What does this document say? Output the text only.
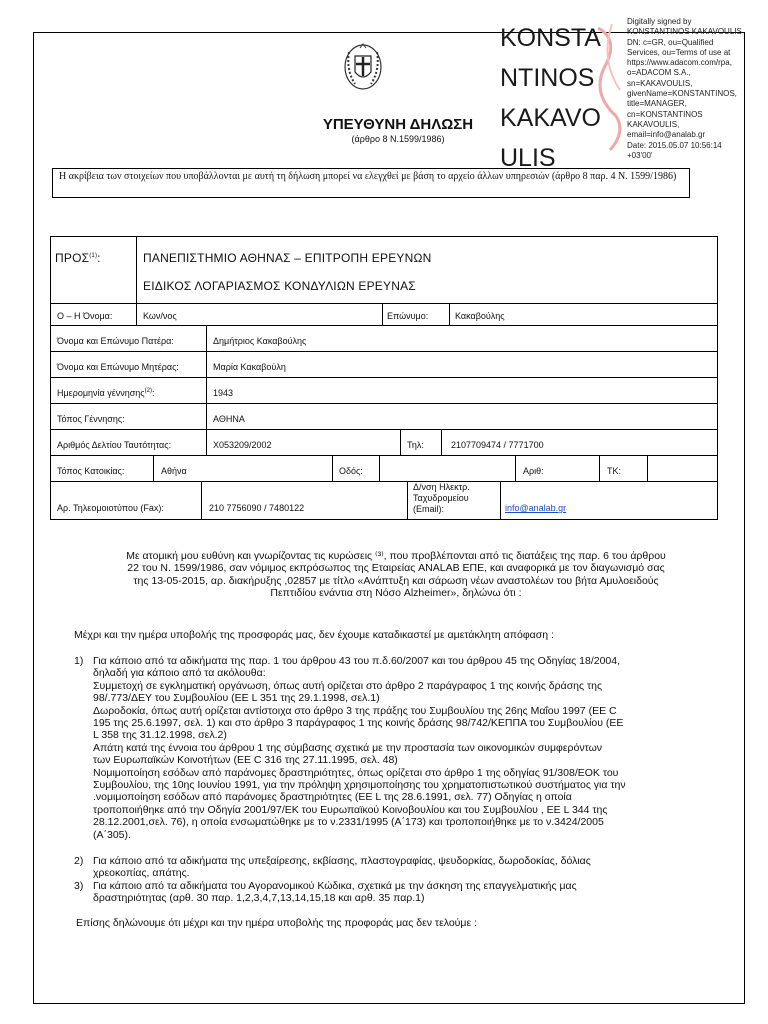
ΥΠΕΥΘΥΝΗ ΔΗΛΩΣΗ
(άρθρο 8 Ν.1599/1986)
Η ακρίβεια των στοιχείων που υποβάλλονται με αυτή τη δήλωση μπορεί να ελεγχθεί με βάση το αρχείο άλλων υπηρεσιών (άρθρο 8 παρ. 4 Ν. 1599/1986)
KONSTA
NTINOS
KAKAVO
ULIS
Digitally signed by
KONSTANTINOS KAKAVOULIS
DN: c=GR, ou=Qualified
Services, ou=Terms of use at
https://www.adacom.com/rpa,
o=ADACOM S.A.,
sn=KAKAVOULIS,
givenName=KONSTANTINOS,
title=MANAGER,
cn=KONSTANTINOS
KAKAVOULIS,
email=info@analab.gr
Date: 2015.05.07 10:56:14
+03'00'
ΠΡΟΣ$^{(1)}$:	ΠΑΝΕΠΙΣΤΗΜΙΟ ΑΘΗΝΑΣ – ΕΠΙΤΡΟΠΗ ΕΡΕΥΝΩΝ
ΕΙΔΙΚΟΣ ΛΟΓΑΡΙΑΣΜΟΣ ΚΟΝΔΥΛΙΩΝ ΕΡΕΥΝΑΣ
Ο – Η Όνομα:	Κων/νος	Επώνυμο:	Κακαβούλης
Όνομα και Επώνυμο Πατέρα:	Δημήτριος Κακαβούλης
Όνομα και Επώνυμο Μητέρας:	Μαρία Κακαβούλη
Ημερομηνία γέννησης$^{(2)}$:	1943
Τόπος Γέννησης:	ΑΘΗΝΑ
Αριθμός Δελτίου Ταυτότητας:	Χ053209/2002	Τηλ:	2107709474 / 7771700
Τόπος Κατοικίας:	Αθήνα	Οδός:	Αριθ:	ΤΚ:
Αρ. Τηλεομοιοτύπου (Fax):	210 7756090 / 7480122
Δ/νση Ηλεκτρ.
Ταχυδρομείου
(Email):	info@analab.gr
Με ατομική μου ευθύνη και γνωρίζοντας τις κυρώσεις ⁽³⁾, που προβλέπονται από τις διατάξεις της παρ. 6 του άρθρου
22 του Ν. 1599/1986, σαν νόμιμος εκπρόσωπος της Εταιρείας ANALAB ΕΠΕ, και αναφορικά με τον διαγωνισμό σας
της 13-05-2015, αρ. διακήρυξης ,02857 με τίτλο «Ανάπτυξη και σάρωση νέων αναστολέων του βήτα Αμυλοειδούς
Πεπτιδίου ενάντια στη Νόσο Alzheimer», δηλώνω ότι :
Μέχρι και την ημέρα υποβολής της προσφοράς μας, δεν έχουμε καταδικαστεί με αμετάκλητη απόφαση :
1) Για κάποιο από τα αδικήματα της παρ. 1 του άρθρου 43 του π.δ.60/2007 και του άρθρου 45 της Οδηγίας 18/2004,
δηλαδή για κάποιο από τα ακόλουθα:
Συμμετοχή σε εγκληματική οργάνωση, όπως αυτή ορίζεται στο άρθρο 2 παράγραφος 1 της κοινής δράσης της
98/.773/ΔΕΥ του Συμβουλίου (ΕΕ L 351 της 29.1.1998, σελ.1)
Δωροδοκία, όπως αυτή ορίζεται αντίστοιχα στο άρθρο 3 της πράξης του Συμβουλίου της 26ης Μαΐου 1997 (ΕΕ C
195 της 25.6.1997, σελ. 1) και στο άρθρο 3 παράγραφος 1 της κοινής δράσης 98/742/ΚΕΠΠΑ του Συμβουλίου (ΕΕ
L 358 της 31.12.1998, σελ.2)
Απάτη κατά της έννοια του άρθρου 1 της σύμβασης σχετικά με την προστασία των οικονομικών συμφερόντων
των Ευρωπαϊκών Κοινοτήτων (ΕΕ C 316 της 27.11.1995, σελ. 48)
Νομιμοποίηση εσόδων από παράνομες δραστηριότητες, όπως ορίζεται στο άρθρο 1 της οδηγίας 91/308/ΕΟΚ του
Συμβουλίου, της 10ης Ιουνίου 1991, για την πρόληψη χρησιμοποίησης του χρηματοπιστωτικού συστήματος για την
.νομιμοποίηση εσόδων από παράνομες δραστηριότητες (ΕΕ L της 28.6.1991, σελ. 77) Οδηγίας η οποία
τροποποιήθηκε από την Οδηγία 2001/97/ΕΚ του Ευρωπαϊκού Κοινοβουλίου και του Συμβουλίου , ΕΕ L 344 της
28.12.2001,σελ. 76), η οποία ενσωματώθηκε με το ν.2331/1995 (Α΄173) και τροποποιήθηκε με το ν.3424/2005
(Α΄305).
2) Για κάποιο από τα αδικήματα της υπεξαίρεσης, εκβίασης, πλαστογραφίας, ψευδορκίας, δωροδοκίας, δόλιας
χρεοκοπίας, απάτης.
3) Για κάποιο από τα αδικήματα του Αγορανομικού Κώδικα, σχετικά με την άσκηση της επαγγελματικής μας
δραστηριότητας (αρθ. 30 παρ. 1,2,3,4,7,13,14,15,18 και αρθ. 35 παρ.1)
Επίσης δηλώνουμε ότι μέχρι και την ημέρα υποβολής της προφοράς μας δεν τελούμε :
